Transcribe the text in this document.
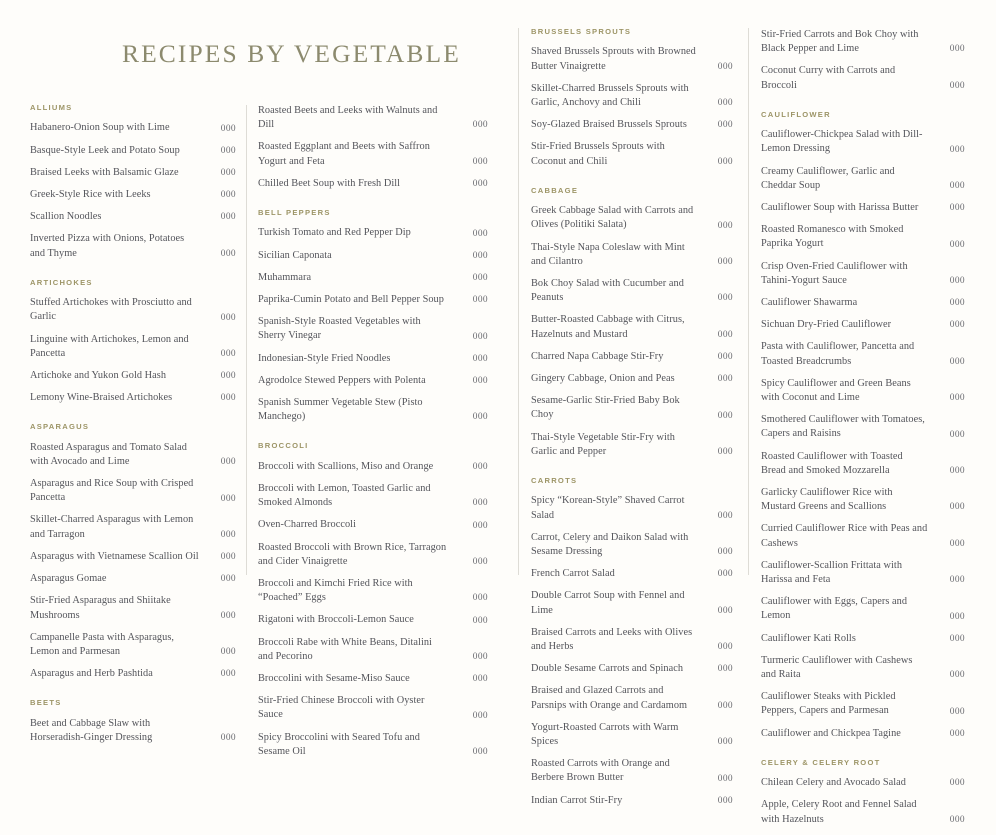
RECIPES BY VEGETABLE
ALLIUMS
Habanero-Onion Soup with Lime	000
Basque-Style Leek and Potato Soup	000
Braised Leeks with Balsamic Glaze	000
Greek-Style Rice with Leeks	000
Scallion Noodles	000
Inverted Pizza with Onions, Potatoes and Thyme	000
ARTICHOKES
Stuffed Artichokes with Prosciutto and Garlic	000
Linguine with Artichokes, Lemon and Pancetta	000
Artichoke and Yukon Gold Hash	000
Lemony Wine-Braised Artichokes	000
ASPARAGUS
Roasted Asparagus and Tomato Salad with Avocado and Lime	000
Asparagus and Rice Soup with Crisped Pancetta	000
Skillet-Charred Asparagus with Lemon and Tarragon	000
Asparagus with Vietnamese Scallion Oil	000
Asparagus Gomae	000
Stir-Fried Asparagus and Shiitake Mushrooms	000
Campanelle Pasta with Asparagus, Lemon and Parmesan	000
Asparagus and Herb Pashtida	000
BEETS
Beet and Cabbage Slaw with Horseradish-Ginger Dressing	000
Roasted Beets and Leeks with Walnuts and Dill	000
Roasted Eggplant and Beets with Saffron Yogurt and Feta	000
Chilled Beet Soup with Fresh Dill	000
BELL PEPPERS
Turkish Tomato and Red Pepper Dip	000
Sicilian Caponata	000
Muhammara	000
Paprika-Cumin Potato and Bell Pepper Soup	000
Spanish-Style Roasted Vegetables with Sherry Vinegar	000
Indonesian-Style Fried Noodles	000
Agrodolce Stewed Peppers with Polenta	000
Spanish Summer Vegetable Stew (Pisto Manchego)	000
BROCCOLI
Broccoli with Scallions, Miso and Orange	000
Broccoli with Lemon, Toasted Garlic and Smoked Almonds	000
Oven-Charred Broccoli	000
Roasted Broccoli with Brown Rice, Tarragon and Cider Vinaigrette	000
Broccoli and Kimchi Fried Rice with “Poached” Eggs	000
Rigatoni with Broccoli-Lemon Sauce	000
Broccoli Rabe with White Beans, Ditalini and Pecorino	000
Broccolini with Sesame-Miso Sauce	000
Stir-Fried Chinese Broccoli with Oyster Sauce	000
Spicy Broccolini with Seared Tofu and Sesame Oil	000
BRUSSELS SPROUTS
Shaved Brussels Sprouts with Browned Butter Vinaigrette	000
Skillet-Charred Brussels Sprouts with Garlic, Anchovy and Chili	000
Soy-Glazed Braised Brussels Sprouts	000
Stir-Fried Brussels Sprouts with Coconut and Chili	000
CABBAGE
Greek Cabbage Salad with Carrots and Olives (Politiki Salata)	000
Thai-Style Napa Coleslaw with Mint and Cilantro	000
Bok Choy Salad with Cucumber and Peanuts	000
Butter-Roasted Cabbage with Citrus, Hazelnuts and Mustard	000
Charred Napa Cabbage Stir-Fry	000
Gingery Cabbage, Onion and Peas	000
Sesame-Garlic Stir-Fried Baby Bok Choy	000
Thai-Style Vegetable Stir-Fry with Garlic and Pepper	000
CARROTS
Spicy “Korean-Style” Shaved Carrot Salad	000
Carrot, Celery and Daikon Salad with Sesame Dressing	000
French Carrot Salad	000
Double Carrot Soup with Fennel and Lime	000
Braised Carrots and Leeks with Olives and Herbs	000
Double Sesame Carrots and Spinach	000
Braised and Glazed Carrots and Parsnips with Orange and Cardamom	000
Yogurt-Roasted Carrots with Warm Spices	000
Roasted Carrots with Orange and Berbere Brown Butter	000
Indian Carrot Stir-Fry	000
Stir-Fried Carrots and Bok Choy with Black Pepper and Lime	000
Coconut Curry with Carrots and Broccoli	000
CAULIFLOWER
Cauliflower-Chickpea Salad with Dill-Lemon Dressing	000
Creamy Cauliflower, Garlic and Cheddar Soup	000
Cauliflower Soup with Harissa Butter	000
Roasted Romanesco with Smoked Paprika Yogurt	000
Crisp Oven-Fried Cauliflower with Tahini-Yogurt Sauce	000
Cauliflower Shawarma	000
Sichuan Dry-Fried Cauliflower	000
Pasta with Cauliflower, Pancetta and Toasted Breadcrumbs	000
Spicy Cauliflower and Green Beans with Coconut and Lime	000
Smothered Cauliflower with Tomatoes, Capers and Raisins	000
Roasted Cauliflower with Toasted Bread and Smoked Mozzarella	000
Garlicky Cauliflower Rice with Mustard Greens and Scallions	000
Curried Cauliflower Rice with Peas and Cashews	000
Cauliflower-Scallion Frittata with Harissa and Feta	000
Cauliflower with Eggs, Capers and Lemon	000
Cauliflower Kati Rolls	000
Turmeric Cauliflower with Cashews and Raita	000
Cauliflower Steaks with Pickled Peppers, Capers and Parmesan	000
Cauliflower and Chickpea Tagine	000
CELERY & CELERY ROOT
Chilean Celery and Avocado Salad	000
Apple, Celery Root and Fennel Salad with Hazelnuts	000
